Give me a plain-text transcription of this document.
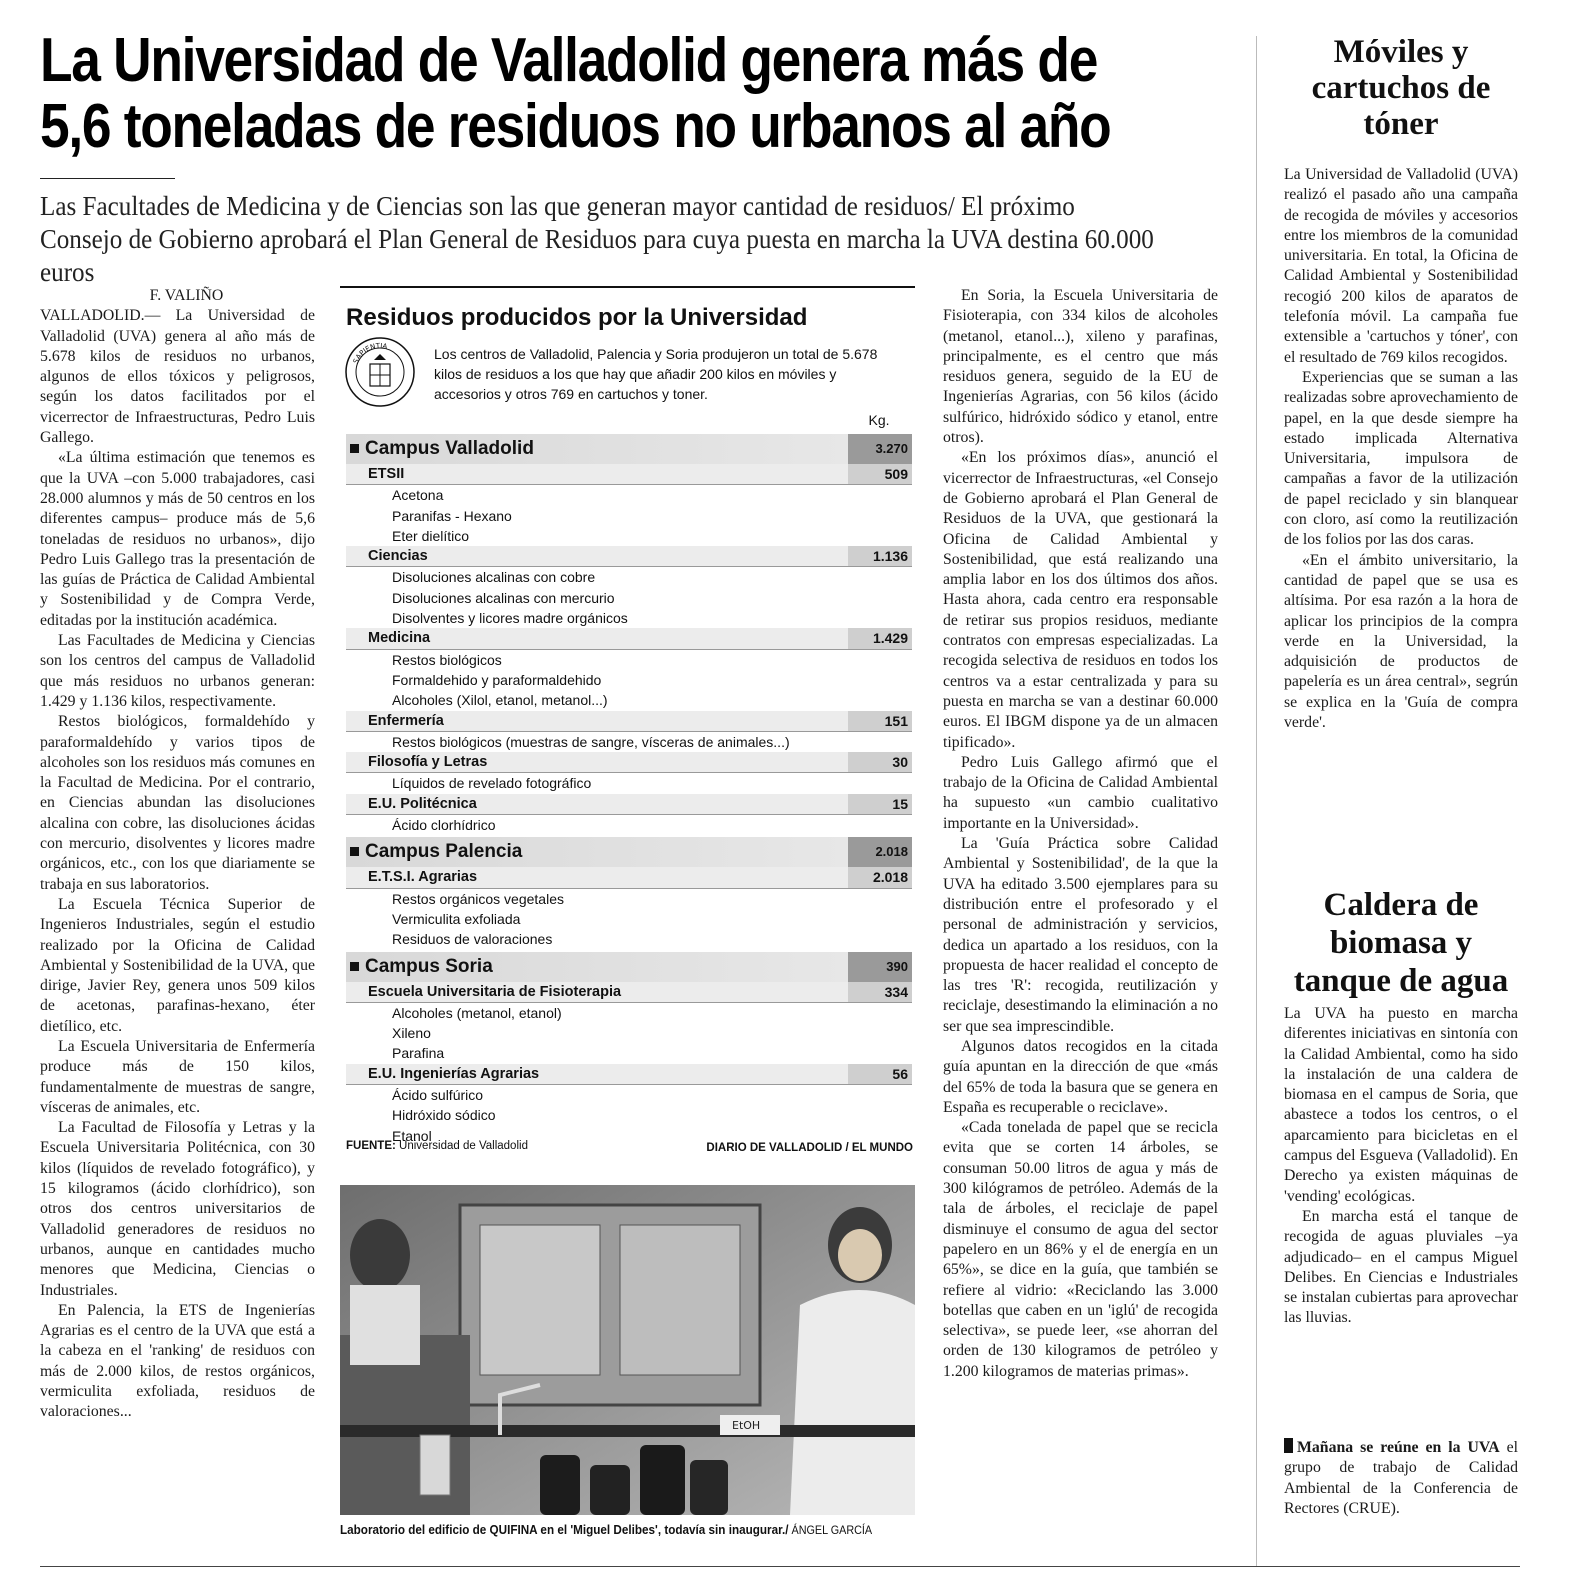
La Universidad de Valladolid genera más de
5,6 toneladas de residuos no urbanos al año
Las Facultades de Medicina y de Ciencias son las que generan mayor cantidad de residuos/ El próximo Consejo de Gobierno aprobará el Plan General de Residuos para cuya puesta en marcha la UVA destina 60.000 euros

F. VALIÑO

VALLADOLID.— La Universidad de Valladolid (UVA) genera al año más de 5.678 kilos de residuos no urbanos, algunos de ellos tóxicos y peligrosos, según los datos facilitados por el vicerrector de Infraestructuras, Pedro Luis Gallego.

«La última estimación que tenemos es que la UVA –con 5.000 trabajadores, casi 28.000 alumnos y más de 50 centros en los diferentes campus– produce más de 5,6 toneladas de residuos no urbanos», dijo Pedro Luis Gallego tras la presentación de las guías de Práctica de Calidad Ambiental y Sostenibilidad y de Compra Verde, editadas por la institución académica.

Las Facultades de Medicina y Ciencias son los centros del campus de Valladolid que más residuos no urbanos generan: 1.429 y 1.136 kilos, respectivamente.

Restos biológicos, formaldehído y paraformaldehído y varios tipos de alcoholes son los residuos más comunes en la Facultad de Medicina. Por el contrario, en Ciencias abundan las disoluciones alcalina con cobre, las disoluciones ácidas con mercurio, disolventes y licores madre orgánicos, etc., con los que diariamente se trabaja en sus laboratorios.

La Escuela Técnica Superior de Ingenieros Industriales, según el estudio realizado por la Oficina de Calidad Ambiental y Sostenibilidad de la UVA, que dirige, Javier Rey, genera unos 509 kilos de acetonas, parafinas-hexano, éter dietílico, etc.

La Escuela Universitaria de Enfermería produce más de 150 kilos, fundamentalmente de muestras de sangre, vísceras de animales, etc.

La Facultad de Filosofía y Letras y la Escuela Universitaria Politécnica, con 30 kilos (líquidos de revelado fotográfico), y 15 kilogramos (ácido clorhídrico), son otros dos centros universitarios de Valladolid generadores de residuos no urbanos, aunque en cantidades mucho menores que Medicina, Ciencias o Industriales.

En Palencia, la ETS de Ingenierías Agrarias es el centro de la UVA que está a la cabeza en el 'ranking' de residuos con más de 2.000 kilos, de restos orgánicos, vermiculita exfoliada, residuos de valoraciones...

Residuos producidos por la Universidad
SAPIENTIA	Los centros de Valladolid, Palencia y Soria produjeron un total de 5.678 kilos de residuos a los que hay que añadir 200 kilos en móviles y accesorios y otros 769 en cartuchos y toner.
Kg.
Campus Valladolid	3.270
ETSII	509
Acetona
Paranifas - Hexano
Eter dielítico
Ciencias	1.136
Disoluciones alcalinas con cobre
Disoluciones alcalinas con mercurio
Disolventes y licores madre orgánicos
Medicina	1.429
Restos biológicos
Formaldehido y paraformaldehido
Alcoholes (Xilol, etanol, metanol...)
Enfermería	151
Restos biológicos (muestras de sangre, vísceras de animales...)
Filosofía y Letras	30
Líquidos de revelado fotográfico
E.U. Politécnica	15
Ácido clorhídrico
Campus Palencia	2.018
E.T.S.I. Agrarias	2.018
Restos orgánicos vegetales
Vermiculita exfoliada
Residuos de valoraciones
Campus Soria	390
Escuela Universitaria de Fisioterapia	334
Alcoholes (metanol, etanol)
Xileno
Parafina
E.U. Ingenierías Agrarias	56
Ácido sulfúrico
Hidróxido sódico
Etanol
FUENTE: Universidad de Valladolid	DIARIO DE VALLADOLID / EL MUNDO
EtOH
Laboratorio del edificio de QUIFINA en el 'Miguel Delibes', todavía sin inaugurar./ ÁNGEL GARCÍA

En Soria, la Escuela Universitaria de Fisioterapia, con 334 kilos de alcoholes (metanol, etanol...), xileno y parafinas, principalmente, es el centro que más residuos genera, seguido de la EU de Ingenierías Agrarias, con 56 kilos (ácido sulfúrico, hidróxido sódico y etanol, entre otros).

«En los próximos días», anunció el vicerrector de Infraestructuras, «el Consejo de Gobierno aprobará el Plan General de Residuos de la UVA, que gestionará la Oficina de Calidad Ambiental y Sostenibilidad, que está realizando una amplia labor en los dos últimos dos años. Hasta ahora, cada centro era responsable de retirar sus propios residuos, mediante contratos con empresas especializadas. La recogida selectiva de residuos en todos los centros va a estar centralizada y para su puesta en marcha se van a destinar 60.000 euros. El IBGM dispone ya de un almacen tipificado».

Pedro Luis Gallego afirmó que el trabajo de la Oficina de Calidad Ambiental ha supuesto «un cambio cualitativo importante en la Universidad».

La 'Guía Práctica sobre Calidad Ambiental y Sostenibilidad', de la que la UVA ha editado 3.500 ejemplares para su distribución entre el profesorado y el personal de administración y servicios, dedica un apartado a los residuos, con la propuesta de hacer realidad el concepto de las tres 'R': recogida, reutilización y reciclaje, desestimando la eliminación a no ser que sea imprescindible.

Algunos datos recogidos en la citada guía apuntan en la dirección de que «más del 65% de toda la basura que se genera en España es recuperable o reciclave».

«Cada tonelada de papel que se recicla evita que se corten 14 árboles, se consuman 50.00 litros de agua y más de 300 kilógramos de petróleo. Además de la tala de árboles, el reciclaje de papel disminuye el consumo de agua del sector papelero en un 86% y el de energía en un 65%», se dice en la guía, que también se refiere al vidrio: «Reciclando las 3.000 botellas que caben en un 'iglú' de recogida selectiva», se puede leer, «se ahorran del orden de 130 kilogramos de petróleo y 1.200 kilogramos de materias primas».

Móviles y cartuchos de tóner

La Universidad de Valladolid (UVA) realizó el pasado año una campaña de recogida de móviles y accesorios entre los miembros de la comunidad universitaria. En total, la Oficina de Calidad Ambiental y Sostenibilidad recogió 200 kilos de aparatos de telefonía móvil. La campaña fue extensible a 'cartuchos y tóner', con el resultado de 769 kilos recogidos.

Experiencias que se suman a las realizadas sobre aprovechamiento de papel, en la que desde siempre ha estado implicada Alternativa Universitaria, impulsora de campañas a favor de la utilización de papel reciclado y sin blanquear con cloro, así como la reutilización de los folios por las dos caras.

«En el ámbito universitario, la cantidad de papel que se usa es altísima. Por esa razón a la hora de aplicar los principios de la compra verde en la Universidad, la adquisición de productos de papelería es un área central», segrún se explica en la 'Guía de compra verde'.

Caldera de biomasa y tanque de agua

La UVA ha puesto en marcha diferentes iniciativas en sintonía con la Calidad Ambiental, como ha sido la instalación de una caldera de biomasa en el campus de Soria, que abastece a todos los centros, o el aparcamiento para bicicletas en el campus del Esgueva (Valladolid). En Derecho ya existen máquinas de 'vending' ecológicas.

En marcha está el tanque de recogida de aguas pluviales –ya adjudicado– en el campus Miguel Delibes. En Ciencias e Industriales se instalan cubiertas para aprovechar las lluvias.

Mañana se reúne en la UVA el grupo de trabajo de Calidad Ambiental de la Conferencia de Rectores (CRUE).
